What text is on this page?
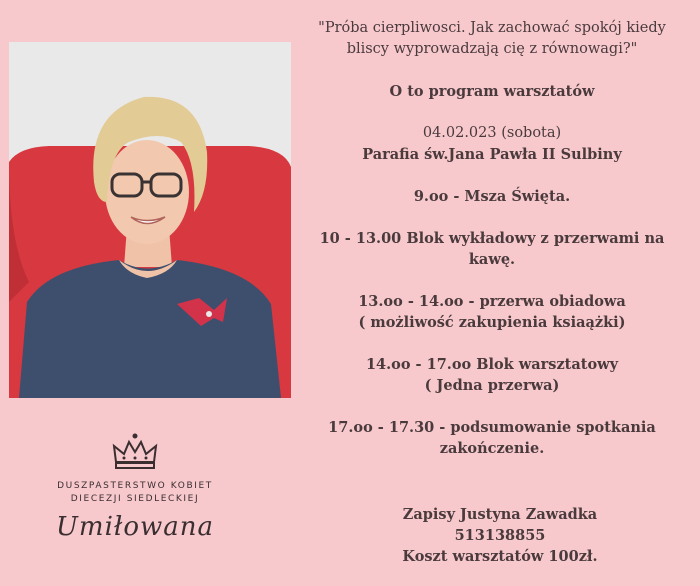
"Próba cierpliwosci. Jak zachować spokój kiedy bliscy wyprowadzają cię z równowagi?"

O to program warsztatów

04.02.023 (sobota)

Parafia św.Jana Pawła II Sulbiny

9.oo - Msza Święta.

10 - 13.00 Blok wykładowy z przerwami na kawę.

13.oo - 14.oo - przerwa obiadowa

( możliwość zakupienia ksiaążki)

14.oo - 17.oo Blok warsztatowy

( Jedna przerwa)

17.oo - 17.30 - podsumowanie spotkania

zakończenie.

DUSZPASTERSTWO KOBIET
DIECEZJI SIEDLECKIEJ
Umiłowana	Zapisy Justyna Zawadka
513138855
Koszt warsztatów 100zł.
